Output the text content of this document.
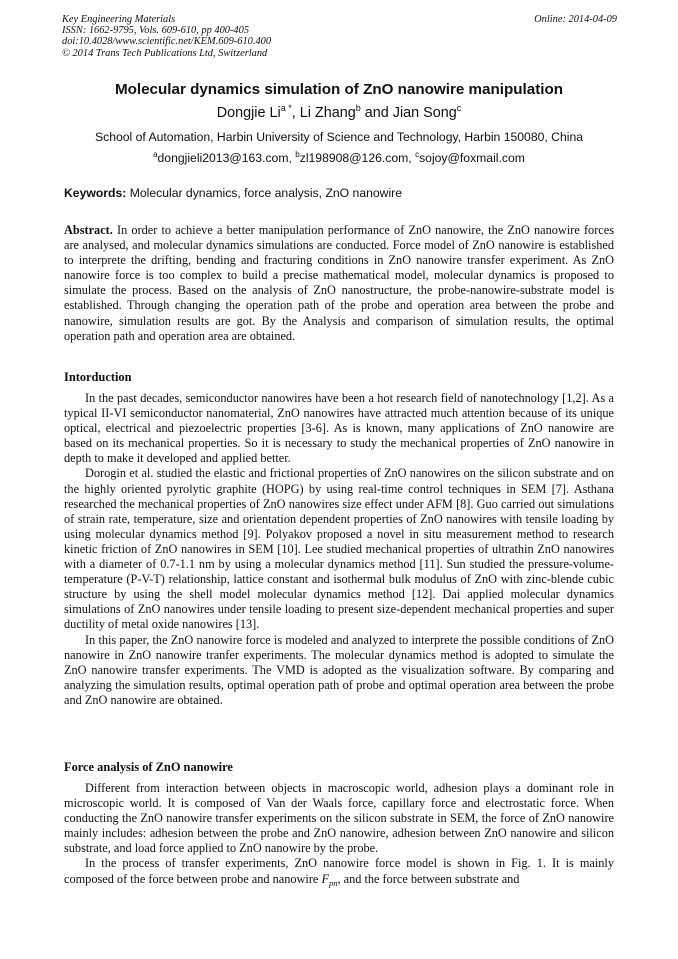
Key Engineering Materials
ISSN: 1662-9795, Vols. 609-610, pp 400-405
doi:10.4028/www.scientific.net/KEM.609-610.400
© 2014 Trans Tech Publications Ltd, Switzerland
Online: 2014-04-09
Molecular dynamics simulation of ZnO nanowire manipulation
Dongjie $Li^{a *}$, Li Zhang$^b$ and Jian Song$^c$
School of Automation, Harbin University of Science and Technology, Harbin 150080, China
$^a$dongjieli2013@163.com, $^b$zl198908@126.com, $^c$sojoy@foxmail.com
Keywords: Molecular dynamics, force analysis, ZnO nanowire

Abstract. In order to achieve a better manipulation performance of ZnO nanowire, the ZnO nanowire forces are analysed, and molecular dynamics simulations are conducted. Force model of ZnO nanowire is established to interprete the drifting, bending and fracturing conditions in ZnO nanowire transfer experiment. As ZnO nanowire force is too complex to build a precise mathematical model, molecular dynamics is proposed to simulate the process. Based on the analysis of ZnO nanostructure, the probe-nanowire-substrate model is established. Through changing the operation path of the probe and operation area between the probe and nanowire, simulation results are got. By the Analysis and comparison of simulation results, the optimal operation path and operation area are obtained.

Intorduction

In the past decades, semiconductor nanowires have been a hot research field of nanotechnology [1,2]. As a typical II-VI semiconductor nanomaterial, ZnO nanowires have attracted much attention because of its unique optical, electrical and piezoelectric properties [3-6]. As is known, many applications of ZnO nanowire are based on its mechanical properties. So it is necessary to study the mechanical properties of ZnO nanowire in depth to make it developed and applied better.

Dorogin et al. studied the elastic and frictional properties of ZnO nanowires on the silicon substrate and on the highly oriented pyrolytic graphite (HOPG) by using real-time control techniques in SEM [7]. Asthana researched the mechanical properties of ZnO nanowires size effect under AFM [8]. Guo carried out simulations of strain rate, temperature, size and orientation dependent properties of ZnO nanowires with tensile loading by using molecular dynamics method [9]. Polyakov proposed a novel in situ measurement method to research kinetic friction of ZnO nanowires in SEM [10]. Lee studied mechanical properties of ultrathin ZnO nanowires with a diameter of 0.7-1.1 nm by using a molecular dynamics method [11]. Sun studied the pressure-volume-temperature (P-V-T) relationship, lattice constant and isothermal bulk modulus of ZnO with zinc-blende cubic structure by using the shell model molecular dynamics method [12]. Dai applied molecular dynamics simulations of ZnO nanowires under tensile loading to present size-dependent mechanical properties and super ductility of metal oxide nanowires [13].

In this paper, the ZnO nanowire force is modeled and analyzed to interprete the possible conditions of ZnO nanowire in ZnO nanowire tranfer experiments. The molecular dynamics method is adopted to simulate the ZnO nanowire transfer experiments. The VMD is adopted as the visualization software. By comparing and analyzing the simulation results, optimal operation path of probe and optimal operation area between the probe and ZnO nanowire are obtained.

Force analysis of ZnO nanowire

Different from interaction between objects in macroscopic world, adhesion plays a dominant role in microscopic world. It is composed of Van der Waals force, capillary force and electrostatic force. When conducting the ZnO nanowire transfer experiments on the silicon substrate in SEM, the force of ZnO nanowire mainly includes: adhesion between the probe and ZnO nanowire, adhesion between ZnO nanowire and silicon substrate, and load force applied to ZnO nanowire by the probe.

In the process of transfer experiments, ZnO nanowire force model is shown in Fig. 1. It is mainly composed of the force between probe and nanowire $F_{pn}$, and the force between substrate and
